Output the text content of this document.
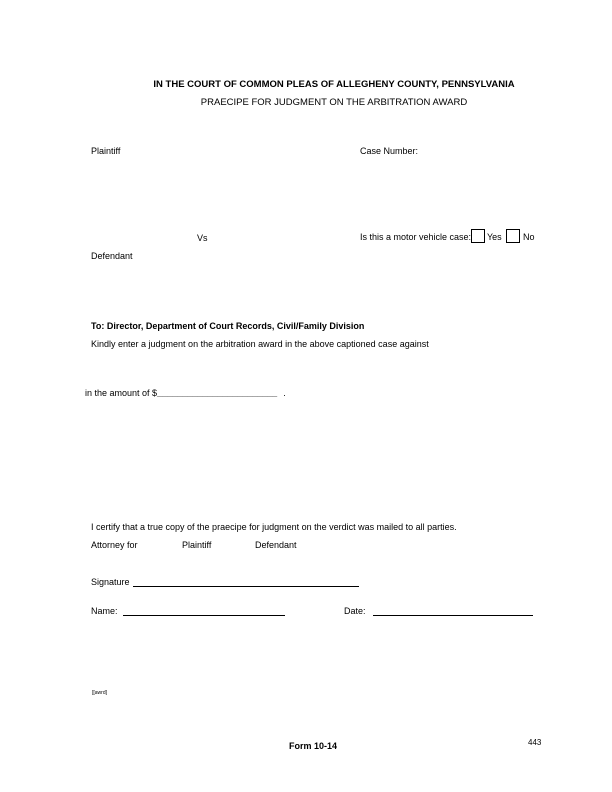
IN THE COURT OF COMMON PLEAS OF ALLEGHENY COUNTY, PENNSYLVANIA
PRAECIPE FOR JUDGMENT ON THE ARBITRATION AWARD
Plaintiff	Case Number:
Vs	Is this a motor vehicle case: Yes No
Defendant
To: Director, Department of Court Records, Civil/Family Division
Kindly enter a judgment on the arbitration award in the above captioned case against
in the amount of $________________________ .
I certify that a true copy of the praecipe for judgment on the verdict was mailed to all parties.
Attorney for	Plaintiff	Defendant
Signature
Name:	Date:
[[awrd]
Form 10-14	443
